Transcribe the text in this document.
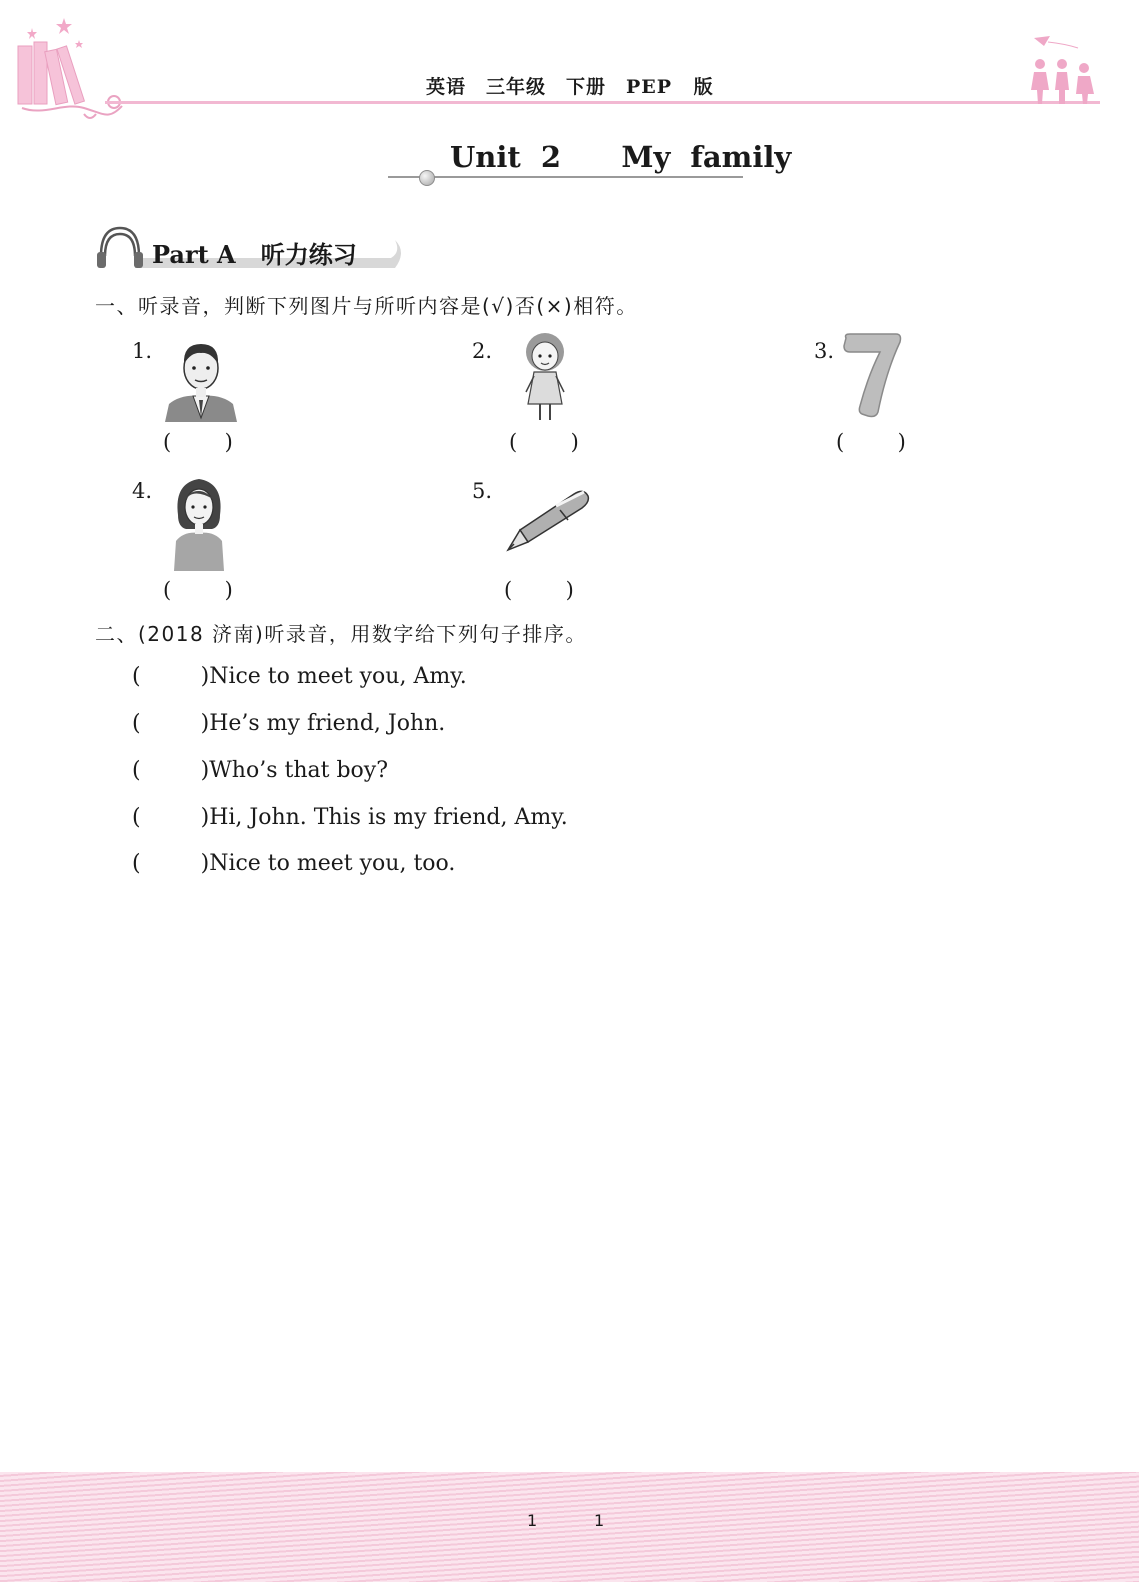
英语　三年级　下册　PEP 版
Unit 2   My family
Part A   听力练习
一、听录音，判断下列图片与所听内容是(√)否(×)相符。
1.
(        )
2.
(        )
3.
(        )
4.
(        )
5.
(        )
二、(2018 济南)听录音，用数字给下列句子排序。
(	)Nice to meet you, Amy.
(	)He’s my friend, John.
(	)Who’s that boy?
(	)Hi, John. This is my friend, Amy.
(	)Nice to meet you, too.
1	1
